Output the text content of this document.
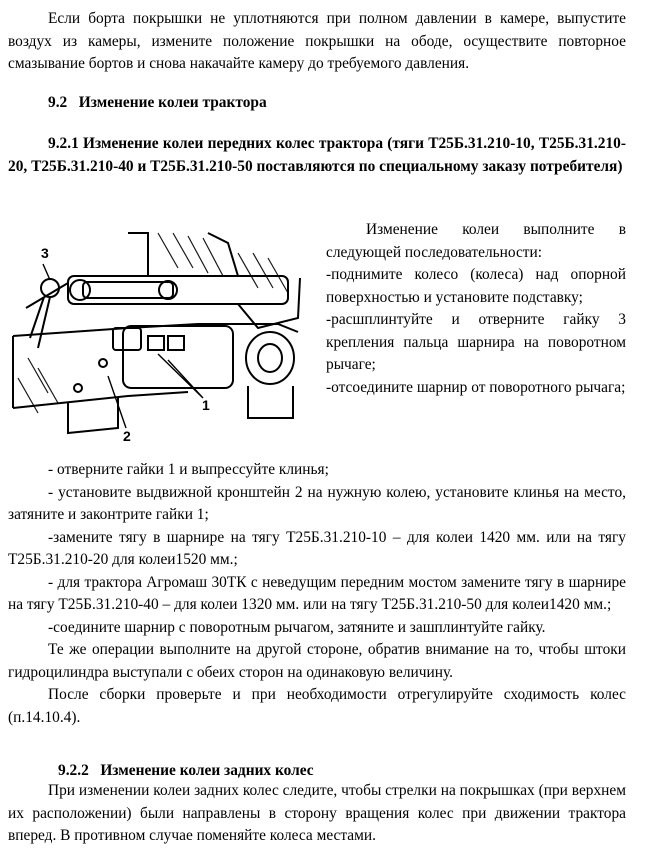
Если борта покрышки не уплотняются при полном давлении в камере, выпустите воздух из камеры, измените положение покрышки на ободе, осуществите повторное смазывание бортов и снова накачайте камеру до требуемого давления.

9.2 Изменение колеи трактора
9.2.1 Изменение колеи передних колес трактора (тяги Т25Б.31.210-10, Т25Б.31.210-20, Т25Б.31.210-40 и Т25Б.31.210-50 поставляются по специальному заказу потребителя)
1
2
3
Изменение колеи выполните в следующей последовательности:
-поднимите колесо (колеса) над опорной поверхностью и установите подставку;
-расшплинтуйте и отверните гайку 3 крепления пальца шарнира на поворотном рычаге;
-отсоедините шарнир от поворотного рычага;
- отверните гайки 1 и выпрессуйте клинья;
- установите выдвижной кронштейн 2 на нужную колею, установите клинья на место, затяните и законтрите гайки 1;
-замените тягу в шарнире на тягу Т25Б.31.210-10 – для колеи 1420 мм. или на тягу Т25Б.31.210-20 для колеи1520 мм.;
- для трактора Агромаш 30ТК с неведущим передним мостом замените тягу в шарнире на тягу Т25Б.31.210-40 – для колеи 1320 мм. или на тягу Т25Б.31.210-50 для колеи1420 мм.;
-соедините шарнир с поворотным рычагом, затяните и зашплинтуйте гайку.
Те же операции выполните на другой стороне, обратив внимание на то, чтобы штоки гидроцилиндра выступали с обеих сторон на одинаковую величину.
После сборки проверьте и при необходимости отрегулируйте сходимость колес (п.14.10.4).
9.2.2 Изменение колеи задних колес

При изменении колеи задних колес следите, чтобы стрелки на покрышках (при верхнем их расположении) были направлены в сторону вращения колес при движении трактора вперед. В противном случае поменяйте колеса местами.
